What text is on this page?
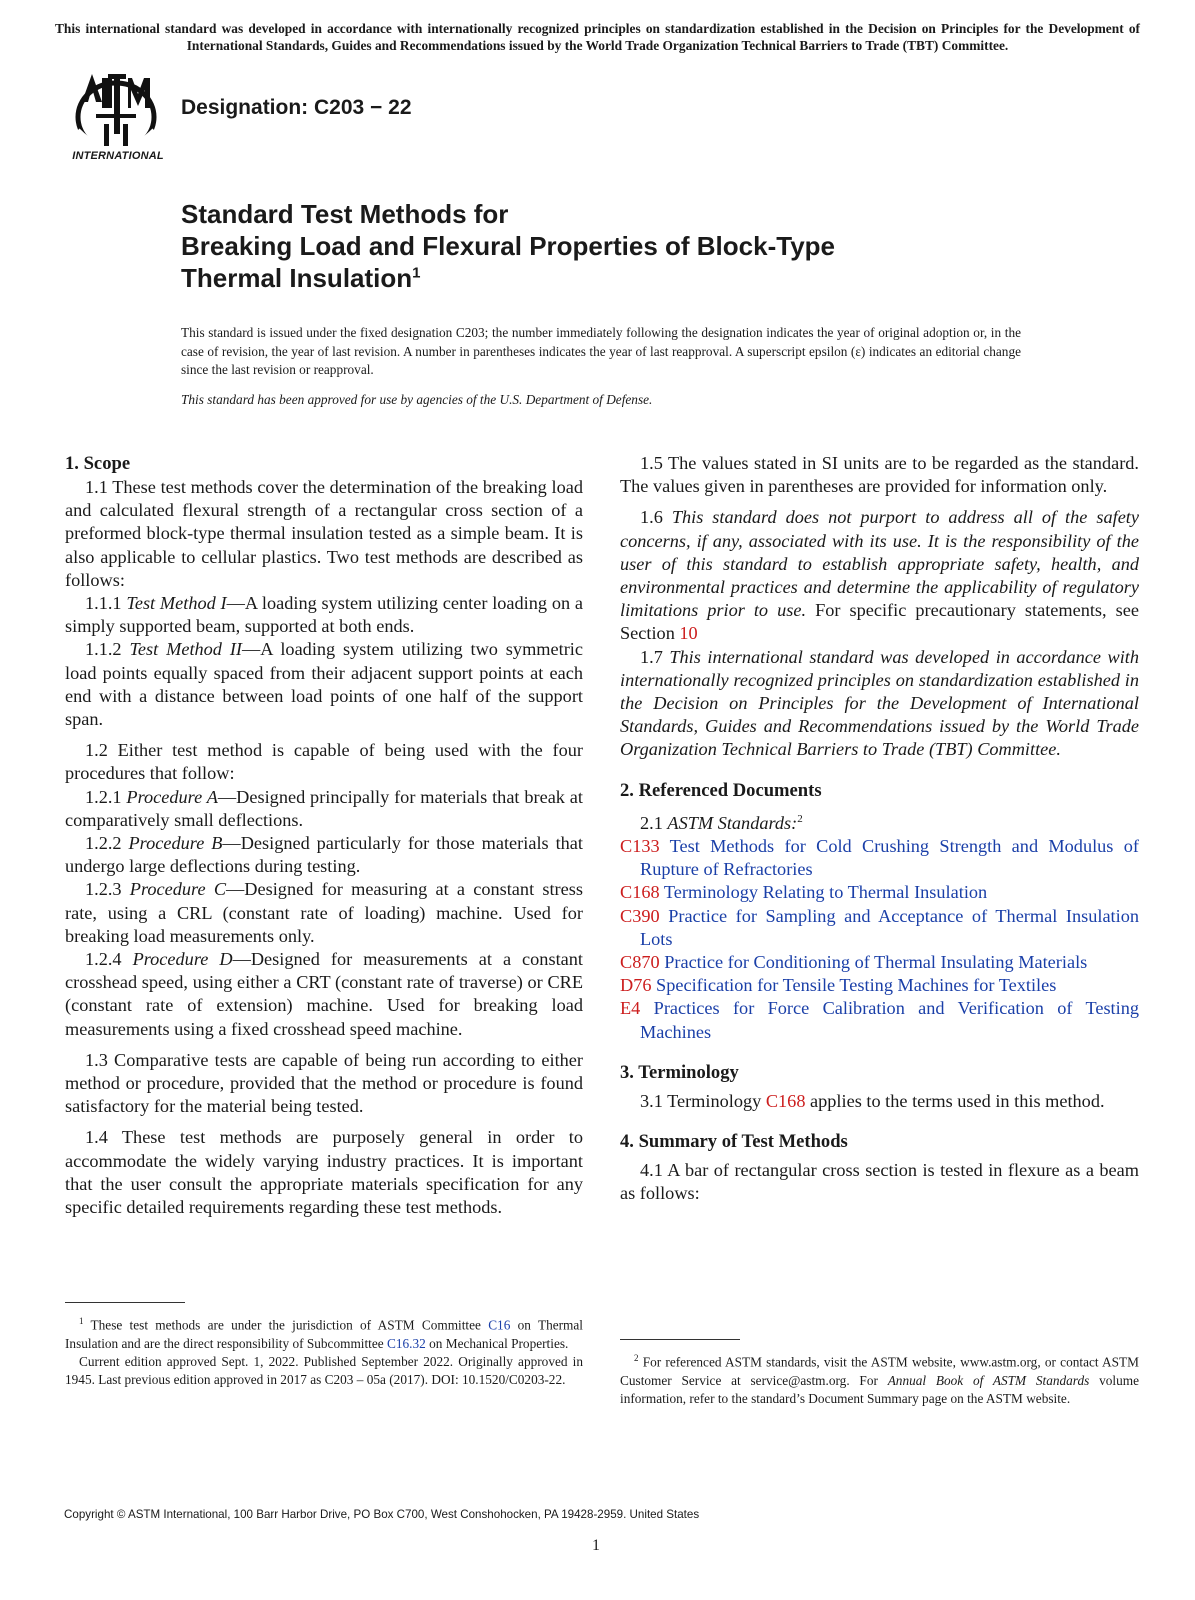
This international standard was developed in accordance with internationally recognized principles on standardization established in the Decision on Principles for the Development of International Standards, Guides and Recommendations issued by the World Trade Organization Technical Barriers to Trade (TBT) Committee.
INTERNATIONAL
Designation: C203 − 22
Standard Test Methods for
Breaking Load and Flexural Properties of Block-Type
Thermal Insulation$^1$
This standard is issued under the fixed designation C203; the number immediately following the designation indicates the year of original adoption or, in the case of revision, the year of last revision. A number in parentheses indicates the year of last reapproval. A superscript epsilon (ε) indicates an editorial change since the last revision or reapproval.
This standard has been approved for use by agencies of the U.S. Department of Defense.
1. Scope

1.1 These test methods cover the determination of the breaking load and calculated flexural strength of a rectangular cross section of a preformed block-type thermal insulation tested as a simple beam. It is also applicable to cellular plastics. Two test methods are described as follows:

1.1.1 Test Method I—A loading system utilizing center loading on a simply supported beam, supported at both ends.

1.1.2 Test Method II—A loading system utilizing two symmetric load points equally spaced from their adjacent support points at each end with a distance between load points of one half of the support span.

1.2 Either test method is capable of being used with the four procedures that follow:

1.2.1 Procedure A—Designed principally for materials that break at comparatively small deflections.

1.2.2 Procedure B—Designed particularly for those materials that undergo large deflections during testing.

1.2.3 Procedure C—Designed for measuring at a constant stress rate, using a CRL (constant rate of loading) machine. Used for breaking load measurements only.

1.2.4 Procedure D—Designed for measurements at a constant crosshead speed, using either a CRT (constant rate of traverse) or CRE (constant rate of extension) machine. Used for breaking load measurements using a fixed crosshead speed machine.

1.3 Comparative tests are capable of being run according to either method or procedure, provided that the method or procedure is found satisfactory for the material being tested.

1.4 These test methods are purposely general in order to accommodate the widely varying industry practices. It is important that the user consult the appropriate materials specification for any specific detailed requirements regarding these test methods.

1.5 The values stated in SI units are to be regarded as the standard. The values given in parentheses are provided for information only.

1.6 This standard does not purport to address all of the safety concerns, if any, associated with its use. It is the responsibility of the user of this standard to establish appropriate safety, health, and environmental practices and determine the applicability of regulatory limitations prior to use. For specific precautionary statements, see Section 10

1.7 This international standard was developed in accordance with internationally recognized principles on standardization established in the Decision on Principles for the Development of International Standards, Guides and Recommendations issued by the World Trade Organization Technical Barriers to Trade (TBT) Committee.

2. Referenced Documents

2.1 ASTM Standards:$^2$

C133 Test Methods for Cold Crushing Strength and Modulus of Rupture of Refractories

C168 Terminology Relating to Thermal Insulation

C390 Practice for Sampling and Acceptance of Thermal Insulation Lots

C870 Practice for Conditioning of Thermal Insulating Materials

D76 Specification for Tensile Testing Machines for Textiles

E4 Practices for Force Calibration and Verification of Testing Machines

3. Terminology

3.1 Terminology C168 applies to the terms used in this method.

4. Summary of Test Methods

4.1 A bar of rectangular cross section is tested in flexure as a beam as follows:

$^1$ These test methods are under the jurisdiction of ASTM Committee C16 on Thermal Insulation and are the direct responsibility of Subcommittee C16.32 on Mechanical Properties.

Current edition approved Sept. 1, 2022. Published September 2022. Originally approved in 1945. Last previous edition approved in 2017 as C203 – 05a (2017). DOI: 10.1520/C0203-22.

$^2$ For referenced ASTM standards, visit the ASTM website, www.astm.org, or contact ASTM Customer Service at service@astm.org. For Annual Book of ASTM Standards volume information, refer to the standard’s Document Summary page on the ASTM website.

Copyright © ASTM International, 100 Barr Harbor Drive, PO Box C700, West Conshohocken, PA 19428-2959. United States
1
